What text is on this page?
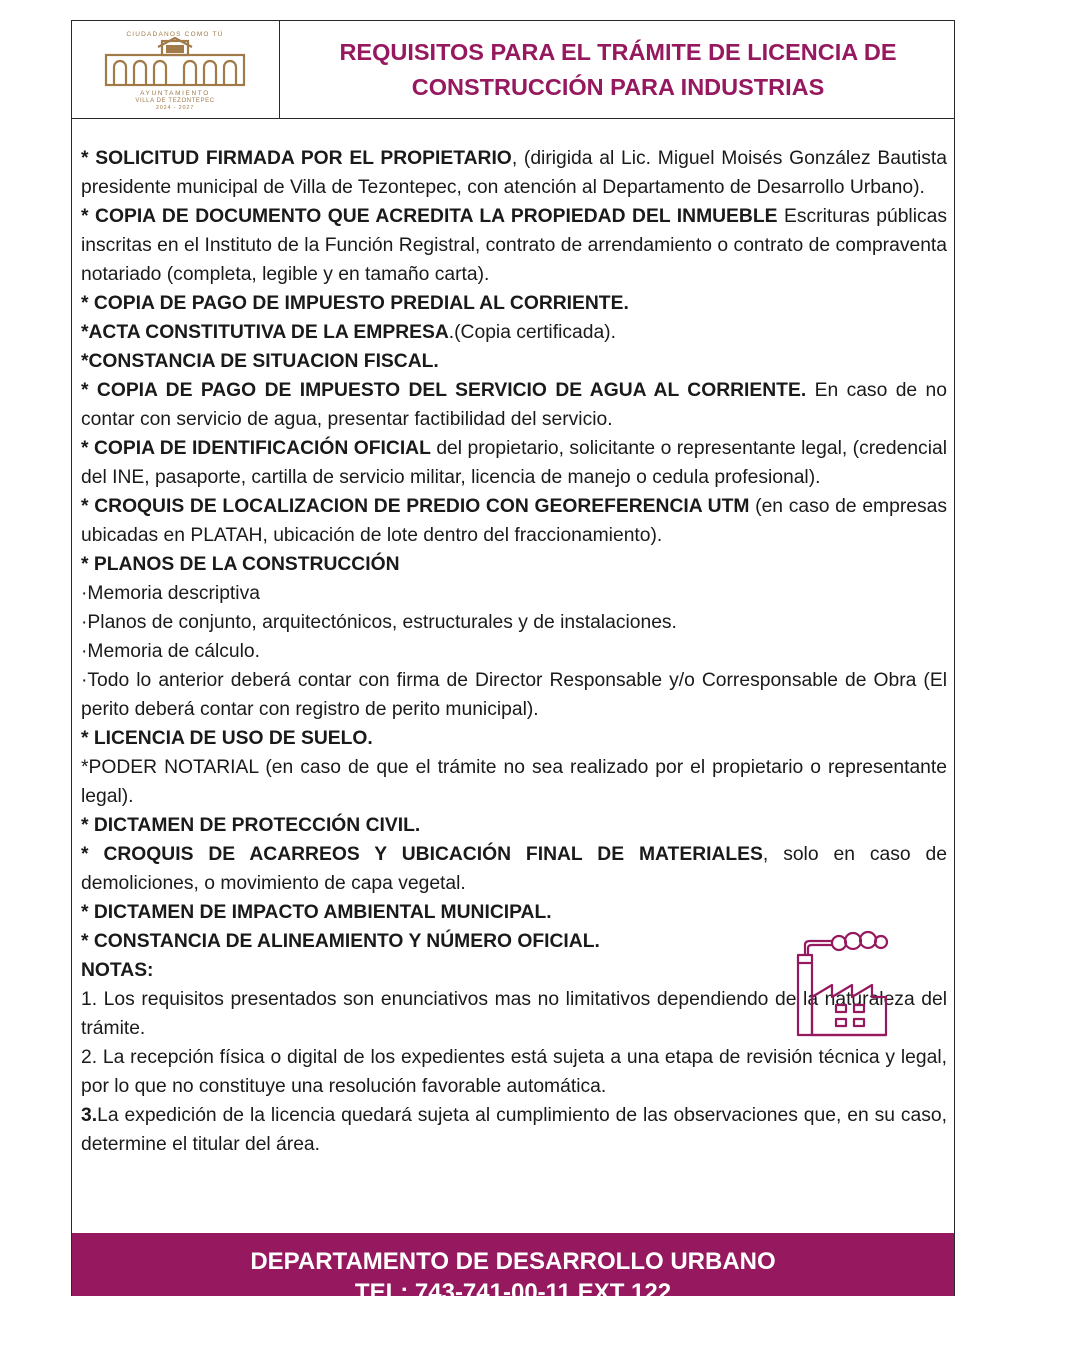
CIUDADANOS COMO TÚ
AYUNTAMIENTO
VILLA DE TEZONTEPEC
2024 - 2027
REQUISITOS PARA EL TRÁMITE DE LICENCIA DE
CONSTRUCCIÓN PARA INDUSTRIAS

* SOLICITUD FIRMADA POR EL PROPIETARIO, (dirigida al Lic. Miguel Moisés González Bautista presidente municipal de Villa de Tezontepec, con atención al Departamento de Desarrollo Urbano).

* COPIA DE DOCUMENTO QUE ACREDITA LA PROPIEDAD DEL INMUEBLE Escrituras públicas inscritas en el Instituto de la Función Registral, contrato de arrendamiento o contrato de compraventa notariado (completa, legible y en tamaño carta).

* COPIA DE PAGO DE IMPUESTO PREDIAL AL CORRIENTE.

*ACTA CONSTITUTIVA DE LA EMPRESA.(Copia certificada).

*CONSTANCIA DE SITUACION FISCAL.

* COPIA DE PAGO DE IMPUESTO DEL SERVICIO DE AGUA AL CORRIENTE. En caso de no contar con servicio de agua, presentar factibilidad del servicio.

* COPIA DE IDENTIFICACIÓN OFICIAL del propietario, solicitante o representante legal, (credencial del INE, pasaporte, cartilla de servicio militar, licencia de manejo o cedula profesional).

* CROQUIS DE LOCALIZACION DE PREDIO CON GEOREFERENCIA UTM (en caso de empresas ubicadas en PLATAH, ubicación de lote dentro del fraccionamiento).

* PLANOS DE LA CONSTRUCCIÓN

·Memoria descriptiva

·Planos de conjunto, arquitectónicos, estructurales y de instalaciones.

·Memoria de cálculo.

·Todo lo anterior deberá contar con firma de Director Responsable y/o Corresponsable de Obra (El perito deberá contar con registro de perito municipal).

* LICENCIA DE USO DE SUELO.

*PODER NOTARIAL (en caso de que el trámite no sea realizado por el propietario o representante legal).

* DICTAMEN DE PROTECCIÓN CIVIL.

* CROQUIS DE ACARREOS Y UBICACIÓN FINAL DE MATERIALES, solo en caso de demoliciones, o movimiento de capa vegetal.

* DICTAMEN DE IMPACTO AMBIENTAL MUNICIPAL.

* CONSTANCIA DE ALINEAMIENTO Y NÚMERO OFICIAL.

NOTAS:

1. Los requisitos presentados son enunciativos mas no limitativos dependiendo de la naturaleza del trámite.

2. La recepción física o digital de los expedientes está sujeta a una etapa de revisión técnica y legal, por lo que no constituye una resolución favorable automática.

3.La expedición de la licencia quedará sujeta al cumplimiento de las observaciones que, en su caso, determine el titular del área.

DEPARTAMENTO DE DESARROLLO URBANO
TEL: 743-741-00-11 EXT 122
